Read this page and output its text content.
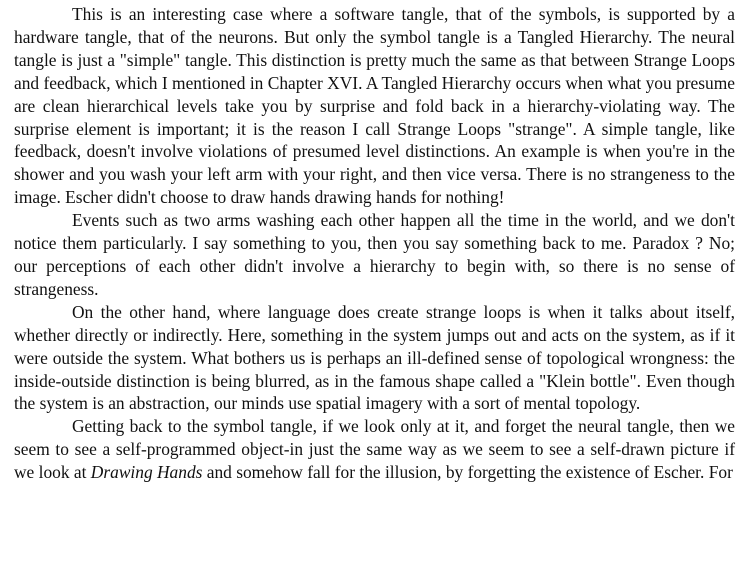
This is an interesting case where a software tangle, that of the symbols, is supported by a hardware tangle, that of the neurons. But only the symbol tangle is a Tangled Hierarchy. The neural tangle is just a "simple" tangle. This distinction is pretty much the same as that between Strange Loops and feedback, which I mentioned in Chapter XVI. A Tangled Hierarchy occurs when what you presume are clean hierarchical levels take you by surprise and fold back in a hierarchy-violating way. The surprise element is important; it is the reason I call Strange Loops "strange". A simple tangle, like feedback, doesn't involve violations of presumed level distinctions. An example is when you're in the shower and you wash your left arm with your right, and then vice versa. There is no strangeness to the image. Escher didn't choose to draw hands drawing hands for nothing!

Events such as two arms washing each other happen all the time in the world, and we don't notice them particularly. I say something to you, then you say something back to me. Paradox ? No; our perceptions of each other didn't involve a hierarchy to begin with, so there is no sense of strangeness.

On the other hand, where language does create strange loops is when it talks about itself, whether directly or indirectly. Here, something in the system jumps out and acts on the system, as if it were outside the system. What bothers us is perhaps an ill-defined sense of topological wrongness: the inside-outside distinction is being blurred, as in the famous shape called a "Klein bottle". Even though the system is an abstraction, our minds use spatial imagery with a sort of mental topology.

Getting back to the symbol tangle, if we look only at it, and forget the neural tangle, then we seem to see a self-programmed object-in just the same way as we seem to see a self-drawn picture if we look at Drawing Hands and somehow fall for the illusion, by forgetting the existence of Escher. For
